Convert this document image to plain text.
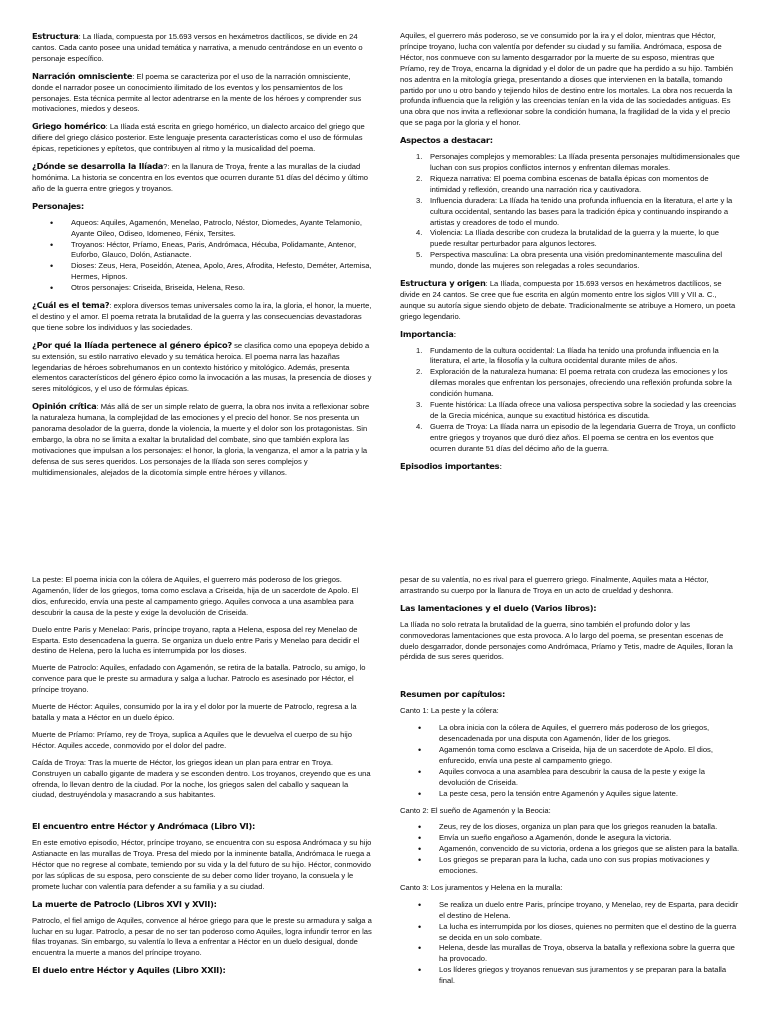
Estructura: La Ilíada, compuesta por 15.693 versos en hexámetros dactílicos, se divide en 24 cantos. Cada canto posee una unidad temática y narrativa, a menudo centrándose en un evento o personaje específico.

Narración omnisciente: El poema se caracteriza por el uso de la narración omnisciente, donde el narrador posee un conocimiento ilimitado de los eventos y los pensamientos de los personajes. Esta técnica permite al lector adentrarse en la mente de los héroes y comprender sus motivaciones, miedos y deseos.

Griego homérico: La Ilíada está escrita en griego homérico, un dialecto arcaico del griego que difiere del griego clásico posterior. Este lenguaje presenta características como el uso de fórmulas épicas, repeticiones y epítetos, que contribuyen al ritmo y la musicalidad del poema.

¿Dónde se desarrolla la Ilíada?: en la llanura de Troya, frente a las murallas de la ciudad homónima. La historia se concentra en los eventos que ocurren durante 51 días del décimo y último año de la guerra entre griegos y troyanos.

Personajes:
• Aqueos: Aquiles, Agamenón, Menelao, Patroclo, Néstor, Diomedes, Ayante Telamonio, Ayante Oileo, Odiseo, Idomeneo, Fénix, Tersites.
• Troyanos: Héctor, Príamo, Eneas, Paris, Andrómaca, Hécuba, Polidamante, Antenor, Euforbo, Glauco, Dolón, Astianacte.
• Dioses: Zeus, Hera, Poseidón, Atenea, Apolo, Ares, Afrodita, Hefesto, Deméter, Artemisa, Hermes, Hipnos.
• Otros personajes: Criseida, Briseida, Helena, Reso.

¿Cuál es el tema?: explora diversos temas universales como la ira, la gloria, el honor, la muerte, el destino y el amor. El poema retrata la brutalidad de la guerra y las consecuencias devastadoras que tiene sobre los individuos y las sociedades.

¿Por qué la Ilíada pertenece al género épico? se clasifica como una epopeya debido a su extensión, su estilo narrativo elevado y su temática heroica. El poema narra las hazañas legendarias de héroes sobrehumanos en un contexto histórico y mitológico. Además, presenta elementos característicos del género épico como la invocación a las musas, la presencia de dioses y seres mitológicos, y el uso de fórmulas épicas.

Opinión crítica: Más allá de ser un simple relato de guerra, la obra nos invita a reflexionar sobre la naturaleza humana, la complejidad de las emociones y el precio del honor. Se nos presenta un panorama desolador de la guerra, donde la violencia, la muerte y el dolor son los protagonistas. Sin embargo, la obra no se limita a exaltar la brutalidad del combate, sino que también explora las motivaciones que impulsan a los personajes: el honor, la gloria, la venganza, el amor a la patria y la defensa de sus seres queridos. Los personajes de la Ilíada son seres complejos y multidimensionales, alejados de la dicotomía simple entre héroes y villanos.

Aquiles, el guerrero más poderoso, se ve consumido por la ira y el dolor, mientras que Héctor, príncipe troyano, lucha con valentía por defender su ciudad y su familia. Andrómaca, esposa de Héctor, nos conmueve con su lamento desgarrador por la muerte de su esposo, mientras que Príamo, rey de Troya, encarna la dignidad y el dolor de un padre que ha perdido a su hijo. También nos adentra en la mitología griega, presentando a dioses que intervienen en la batalla, tomando partido por uno u otro bando y tejiendo hilos de destino entre los mortales. La obra nos recuerda la profunda influencia que la religión y las creencias tenían en la vida de las sociedades antiguas. Es una obra que nos invita a reflexionar sobre la condición humana, la fragilidad de la vida y el precio que se paga por la gloria y el honor.

Aspectos a destacar:
1. Personajes complejos y memorables: La Ilíada presenta personajes multidimensionales que luchan con sus propios conflictos internos y enfrentan dilemas morales.
2. Riqueza narrativa: El poema combina escenas de batalla épicas con momentos de intimidad y reflexión, creando una narración rica y cautivadora.
3. Influencia duradera: La Ilíada ha tenido una profunda influencia en la literatura, el arte y la cultura occidental, sentando las bases para la tradición épica y continuando inspirando a artistas y creadores de todo el mundo.
4. Violencia: La Ilíada describe con crudeza la brutalidad de la guerra y la muerte, lo que puede resultar perturbador para algunos lectores.
5. Perspectiva masculina: La obra presenta una visión predominantemente masculina del mundo, donde las mujeres son relegadas a roles secundarios.

Estructura y origen: La Ilíada, compuesta por 15.693 versos en hexámetros dactílicos, se divide en 24 cantos. Se cree que fue escrita en algún momento entre los siglos VIII y VII a. C., aunque su autoría sigue siendo objeto de debate. Tradicionalmente se atribuye a Homero, un poeta griego legendario.

Importancia:
1. Fundamento de la cultura occidental: La Ilíada ha tenido una profunda influencia en la literatura, el arte, la filosofía y la cultura occidental durante miles de años.
2. Exploración de la naturaleza humana: El poema retrata con crudeza las emociones y los dilemas morales que enfrentan los personajes, ofreciendo una reflexión profunda sobre la condición humana.
3. Fuente histórica: La Ilíada ofrece una valiosa perspectiva sobre la sociedad y las creencias de la Grecia micénica, aunque su exactitud histórica es discutida.
4. Guerra de Troya: La Ilíada narra un episodio de la legendaria Guerra de Troya, un conflicto entre griegos y troyanos que duró diez años. El poema se centra en los eventos que ocurren durante 51 días del décimo año de la guerra.
Episodios importantes:

La peste: El poema inicia con la cólera de Aquiles, el guerrero más poderoso de los griegos. Agamenón, líder de los griegos, toma como esclava a Criseida, hija de un sacerdote de Apolo. El dios, enfurecido, envía una peste al campamento griego. Aquiles convoca a una asamblea para descubrir la causa de la peste y exige la devolución de Criseida.

Duelo entre Paris y Menelao: Paris, príncipe troyano, rapta a Helena, esposa del rey Menelao de Esparta. Esto desencadena la guerra. Se organiza un duelo entre Paris y Menelao para decidir el destino de Helena, pero la lucha es interrumpida por los dioses.

Muerte de Patroclo: Aquiles, enfadado con Agamenón, se retira de la batalla. Patroclo, su amigo, lo convence para que le preste su armadura y salga a luchar. Patroclo es asesinado por Héctor, el príncipe troyano.

Muerte de Héctor: Aquiles, consumido por la ira y el dolor por la muerte de Patroclo, regresa a la batalla y mata a Héctor en un duelo épico.

Muerte de Príamo: Príamo, rey de Troya, suplica a Aquiles que le devuelva el cuerpo de su hijo Héctor. Aquiles accede, conmovido por el dolor del padre.

Caída de Troya: Tras la muerte de Héctor, los griegos idean un plan para entrar en Troya. Construyen un caballo gigante de madera y se esconden dentro. Los troyanos, creyendo que es una ofrenda, lo llevan dentro de la ciudad. Por la noche, los griegos salen del caballo y saquean la ciudad, destruyéndola y masacrando a sus habitantes.

El encuentro entre Héctor y Andrómaca (Libro VI):

En este emotivo episodio, Héctor, príncipe troyano, se encuentra con su esposa Andrómaca y su hijo Astianacte en las murallas de Troya. Presa del miedo por la inminente batalla, Andrómaca le ruega a Héctor que no regrese al combate, temiendo por su vida y la del futuro de su hijo. Héctor, conmovido por las súplicas de su esposa, pero consciente de su deber como líder troyano, la consuela y le promete luchar con valentía para defender a su familia y a su ciudad.

La muerte de Patroclo (Libros XVI y XVII):

Patroclo, el fiel amigo de Aquiles, convence al héroe griego para que le preste su armadura y salga a luchar en su lugar. Patroclo, a pesar de no ser tan poderoso como Aquiles, logra infundir terror en las filas troyanas. Sin embargo, su valentía lo lleva a enfrentar a Héctor en un duelo desigual, donde encuentra la muerte a manos del príncipe troyano.

El duelo entre Héctor y Aquiles (Libro XXII):

pesar de su valentía, no es rival para el guerrero griego. Finalmente, Aquiles mata a Héctor, arrastrando su cuerpo por la llanura de Troya en un acto de crueldad y deshonra.

Las lamentaciones y el duelo (Varios libros):

La Ilíada no solo retrata la brutalidad de la guerra, sino también el profundo dolor y las conmovedoras lamentaciones que esta provoca. A lo largo del poema, se presentan escenas de duelo desgarrador, donde personajes como Andrómaca, Príamo y Tetis, madre de Aquiles, lloran la pérdida de sus seres queridos.

Resumen por capítulos:

Canto 1: La peste y la cólera:

• La obra inicia con la cólera de Aquiles, el guerrero más poderoso de los griegos, desencadenada por una disputa con Agamenón, líder de los griegos.
• Agamenón toma como esclava a Criseida, hija de un sacerdote de Apolo. El dios, enfurecido, envía una peste al campamento griego.
• Aquiles convoca a una asamblea para descubrir la causa de la peste y exige la devolución de Criseida.
• La peste cesa, pero la tensión entre Agamenón y Aquiles sigue latente.

Canto 2: El sueño de Agamenón y la Beocia:

• Zeus, rey de los dioses, organiza un plan para que los griegos reanuden la batalla.
• Envía un sueño engañoso a Agamenón, donde le asegura la victoria.
• Agamenón, convencido de su victoria, ordena a los griegos que se alisten para la batalla.
• Los griegos se preparan para la lucha, cada uno con sus propias motivaciones y emociones.

Canto 3: Los juramentos y Helena en la muralla:

• Se realiza un duelo entre Paris, príncipe troyano, y Menelao, rey de Esparta, para decidir el destino de Helena.
• La lucha es interrumpida por los dioses, quienes no permiten que el destino de la guerra se decida en un solo combate.
• Helena, desde las murallas de Troya, observa la batalla y reflexiona sobre la guerra que ha provocado.
• Los líderes griegos y troyanos renuevan sus juramentos y se preparan para la batalla final.
